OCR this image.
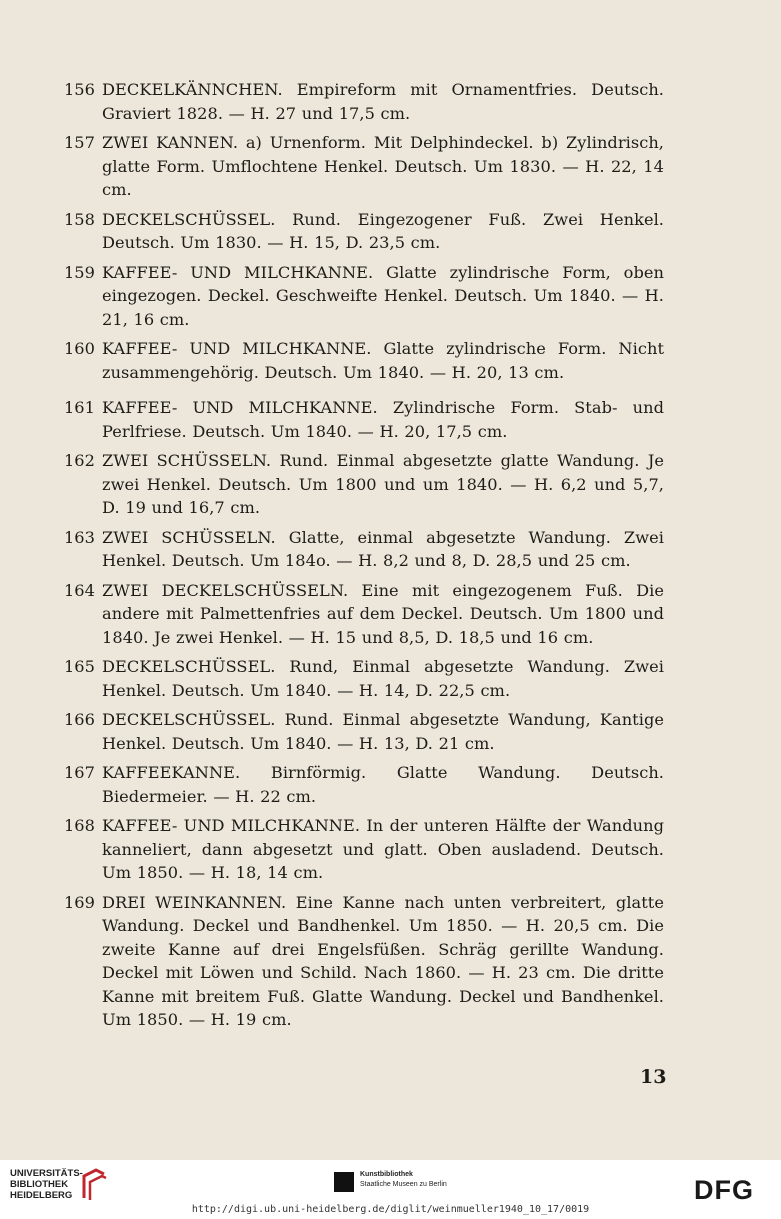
156 DECKELKÄNNCHEN. Empireform mit Ornamentfries. Deutsch. Graviert 1828. — H. 27 und 17,5 cm.
157 ZWEI KANNEN. a) Urnenform. Mit Delphindeckel. b) Zylindrisch, glatte Form. Umflochtene Henkel. Deutsch. Um 1830. — H. 22, 14 cm.
158 DECKELSCHÜSSEL. Rund. Eingezogener Fuß. Zwei Henkel. Deutsch. Um 1830. — H. 15, D. 23,5 cm.
159 KAFFEE- UND MILCHKANNE. Glatte zylindrische Form, oben eingezogen. Deckel. Geschweifte Henkel. Deutsch. Um 1840. — H. 21, 16 cm.
160 KAFFEE- UND MILCHKANNE. Glatte zylindrische Form. Nicht zusammengehörig. Deutsch. Um 1840. — H. 20, 13 cm.
161 KAFFEE- UND MILCHKANNE. Zylindrische Form. Stab- und Perlfriese. Deutsch. Um 1840. — H. 20, 17,5 cm.
162 ZWEI SCHÜSSELN. Rund. Einmal abgesetzte glatte Wandung. Je zwei Henkel. Deutsch. Um 1800 und um 1840. — H. 6,2 und 5,7, D. 19 und 16,7 cm.
163 ZWEI SCHÜSSELN. Glatte, einmal abgesetzte Wandung. Zwei Henkel. Deutsch. Um 184o. — H. 8,2 und 8, D. 28,5 und 25 cm.
164 ZWEI DECKELSCHÜSSELN. Eine mit eingezogenem Fuß. Die andere mit Palmettenfries auf dem Deckel. Deutsch. Um 1800 und 1840. Je zwei Henkel. — H. 15 und 8,5, D. 18,5 und 16 cm.
165 DECKELSCHÜSSEL. Rund, Einmal abgesetzte Wandung. Zwei Henkel. Deutsch. Um 1840. — H. 14, D. 22,5 cm.
166 DECKELSCHÜSSEL. Rund. Einmal abgesetzte Wandung, Kantige Henkel. Deutsch. Um 1840. — H. 13, D. 21 cm.
167 KAFFEEKANNE. Birnförmig. Glatte Wandung. Deutsch. Biedermeier. — H. 22 cm.
168 KAFFEE- UND MILCHKANNE. In der unteren Hälfte der Wandung kanneliert, dann abgesetzt und glatt. Oben ausladend. Deutsch. Um 1850. — H. 18, 14 cm.
169 DREI WEINKANNEN. Eine Kanne nach unten verbreitert, glatte Wandung. Deckel und Bandhenkel. Um 1850. — H. 20,5 cm. Die zweite Kanne auf drei Engelsfüßen. Schräg gerillte Wandung. Deckel mit Löwen und Schild. Nach 1860. — H. 23 cm. Die dritte Kanne mit breitem Fuß. Glatte Wandung. Deckel und Bandhenkel. Um 1850. — H. 19 cm.
13
UNIVERSITÄTS-
BIBLIOTHEK
HEIDELBERG
Kunstbibliothek
Staatliche Museen zu Berlin	DFG
http://digi.ub.uni-heidelberg.de/diglit/weinmueller1940_10_17/0019
